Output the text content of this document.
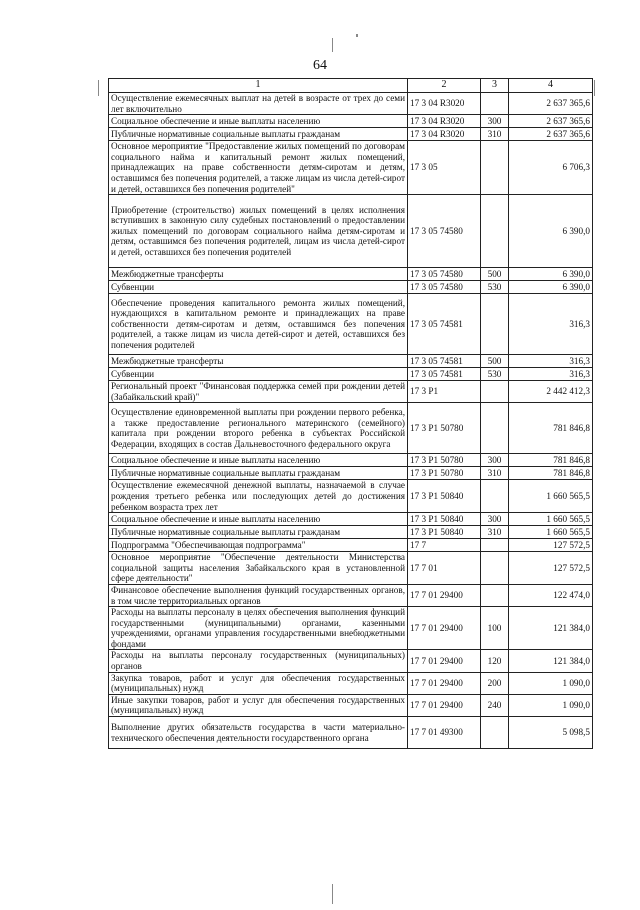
64
1	2	3	4
Осуществление ежемесячных выплат на детей в возрасте от трех до семи лет включительно	17 3 04 R3020		2 637 365,6
Социальное обеспечение и иные выплаты населению	17 3 04 R3020	300	2 637 365,6
Публичные нормативные социальные выплаты гражданам	17 3 04 R3020	310	2 637 365,6
Основное мероприятие "Предоставление жилых помещений по договорам социального найма и капитальный ремонт жилых помещений, принадлежащих на праве собственности детям-сиротам и детям, оставшимся без попечения родителей, а также лицам из числа детей-сирот и детей, оставшихся без попечения родителей"	17 3 05		6 706,3
Приобретение (строительство) жилых помещений в целях исполнения вступивших в законную силу судебных постановлений о предоставлении жилых помещений по договорам социального найма детям-сиротам и детям, оставшимся без попечения родителей, лицам из числа детей-сирот и детей, оставшихся без попечения родителей	17 3 05 74580		6 390,0
Межбюджетные трансферты	17 3 05 74580	500	6 390,0
Субвенции	17 3 05 74580	530	6 390,0
Обеспечение проведения капитального ремонта жилых помещений, нуждающихся в капитальном ремонте и принадлежащих на праве собственности детям-сиротам и детям, оставшимся без попечения родителей, а также лицам из числа детей-сирот и детей, оставшихся без попечения родителей	17 3 05 74581		316,3
Межбюджетные трансферты	17 3 05 74581	500	316,3
Субвенции	17 3 05 74581	530	316,3
Региональный проект "Финансовая поддержка семей при рождении детей (Забайкальский край)"	17 3 P1		2 442 412,3
Осуществление единовременной выплаты при рождении первого ребенка, а также предоставление регионального материнского (семейного) капитала при рождении второго ребенка в субъектах Российской Федерации, входящих в состав Дальневосточного федерального округа	17 3 P1 50780		781 846,8
Социальное обеспечение и иные выплаты населению	17 3 P1 50780	300	781 846,8
Публичные нормативные социальные выплаты гражданам	17 3 P1 50780	310	781 846,8
Осуществление ежемесячной денежной выплаты, назначаемой в случае рождения третьего ребенка или последующих детей до достижения ребенком возраста трех лет	17 3 P1 50840		1 660 565,5
Социальное обеспечение и иные выплаты населению	17 3 P1 50840	300	1 660 565,5
Публичные нормативные социальные выплаты гражданам	17 3 P1 50840	310	1 660 565,5
Подпрограмма "Обеспечивающая подпрограмма"	17 7		127 572,5
Основное мероприятие "Обеспечение деятельности Министерства социальной защиты населения Забайкальского края в установленной сфере деятельности"	17 7 01		127 572,5
Финансовое обеспечение выполнения функций государственных органов, в том числе территориальных органов	17 7 01 29400		122 474,0
Расходы на выплаты персоналу в целях обеспечения выполнения функций государственными (муниципальными) органами, казенными учреждениями, органами управления государственными внебюджетными фондами	17 7 01 29400	100	121 384,0
Расходы на выплаты персоналу государственных (муниципальных) органов	17 7 01 29400	120	121 384,0
Закупка товаров, работ и услуг для обеспечения государственных (муниципальных) нужд	17 7 01 29400	200	1 090,0
Иные закупки товаров, работ и услуг для обеспечения государственных (муниципальных) нужд	17 7 01 29400	240	1 090,0
Выполнение других обязательств государства в части материально-технического обеспечения деятельности государственного органа	17 7 01 49300		5 098,5
